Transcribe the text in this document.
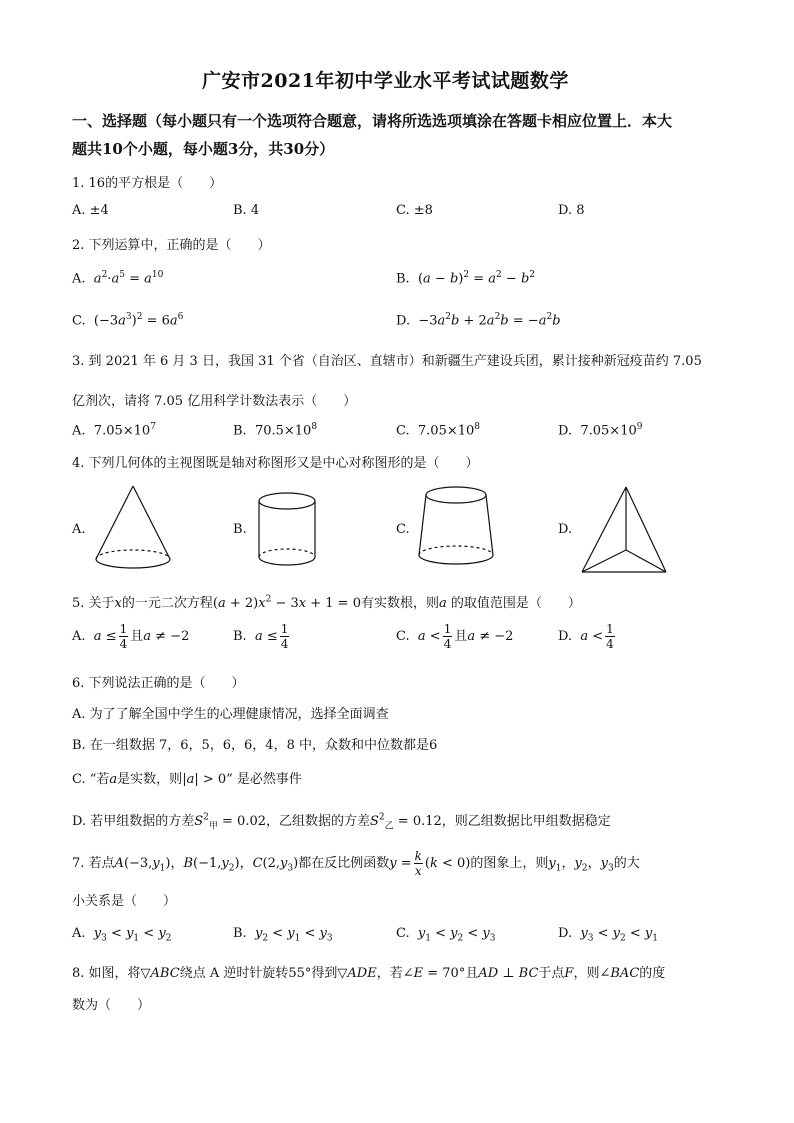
广安市2021年初中学业水平考试试题数学
一、选择题（每小题只有一个选项符合题意，请将所选选项填涂在答题卡相应位置上．本大
题共10个小题，每小题3分，共30分）
1. 16的平方根是（　　）
A. ±4	B. 4	C. ±8	D. 8
2. 下列运算中，正确的是（　　）
A. $a^2\cdot a^5 = a^{10}$	B.  $(a - b)^2 = a^2 - b^2$
C.  $(-3a^3)^2 = 6a^6$	D.  $-3a^2b + 2a^2b = -a^2b$
3. 到 2021 年 6 月 3 日，我国 31 个省（自治区、直辖市）和新疆生产建设兵团，累计接种新冠疫苗约 7.05
亿剂次，请将 7.05 亿用科学计数法表示（　　）
A. $7.05\times 10^7$	B. $70.5\times 10^8$	C. $7.05\times 10^8$	D. $7.05\times 10^9$
4. 下列几何体的主视图既是轴对称图形又是中心对称图形的是（　　）
A.	B.	C.	D.
5. 关于x的一元二次方程$(a + 2)x^2 - 3x + 1 = 0$有实数根，则a 的取值范围是（　　）
A. $a \le \frac{1}{4}$ 且a ≠ −2	B. $a \le \frac{1}{4}$	C. $a < \frac{1}{4}$ 且a ≠ −2	D. $a < \frac{1}{4}$
6. 下列说法正确的是（　　）
A. 为了了解全国中学生的心理健康情况，选择全面调查
B. 在一组数据 7，6，5，6，6，4，8 中，众数和中位数都是6
C. “若a是实数，则|a| > 0” 是必然事件
D. 若甲组数据的方差$S^2_甲 = 0.02$，乙组数据的方差$S^2_乙 = 0.12$，则乙组数据比甲组数据稳定
7. 若点$A(-3,y_1)$，$B(-1,y_2)$，$C(2,y_3)$都在反比例函数$y = \frac{k}{x} (k < 0)$的图象上，则$y_1$，$y_2$，$y_3$的大
小关系是（　　）
A. $y_3 < y_1 < y_2$	B. $y_2 < y_1 < y_3$	C. $y_1 < y_2 < y_3$	D. $y_3 < y_2 < y_1$
8. 如图，将▽ABC绕点 A 逆时针旋转55°得到▽ADE，若∠E = 70°且AD ⊥ BC于点F，则∠BAC的度
数为（　　）
